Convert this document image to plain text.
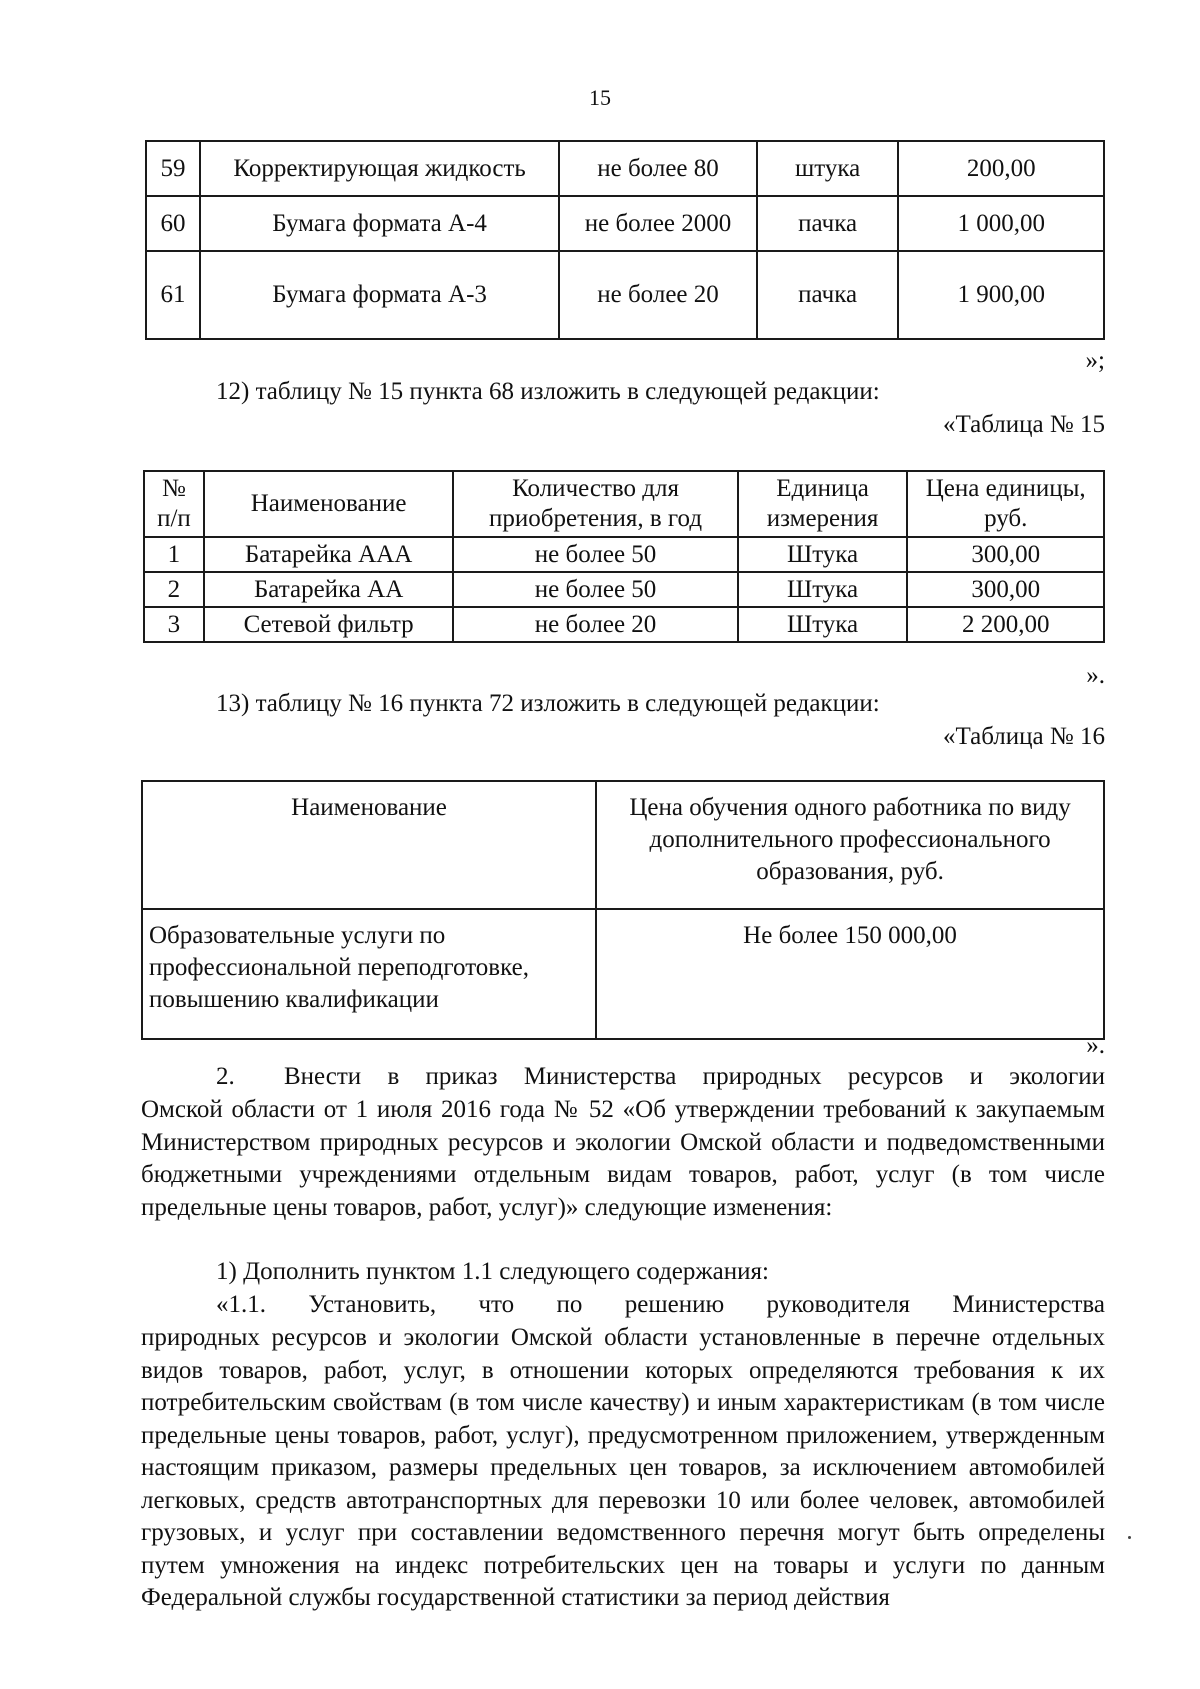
15
59	Корректирующая жидкость	не более 80	штука	200,00
60	Бумага формата А-4	не более 2000	пачка	1 000,00
61	Бумага формата А-3	не более 20	пачка	1 900,00
»;
12) таблицу № 15 пункта 68 изложить в следующей редакции:
«Таблица № 15
№ п/п	Наименование	Количество для приобретения, в год	Единица измерения	Цена единицы, руб.
1	Батарейка ААА	не более 50	Штука	300,00
2	Батарейка АА	не более 50	Штука	300,00
3	Сетевой фильтр	не более 20	Штука	2 200,00
».
13) таблицу № 16 пункта 72 изложить в следующей редакции:
«Таблица № 16
Наименование	Цена обучения одного работника по виду дополнительного профессионального образования, руб.
Образовательные услуги по профессиональной переподготовке, повышению квалификации	Не более 150 000,00
».
2. Внести в приказ Министерства природных ресурсов и экологии
Омской области от 1 июля 2016 года № 52 «Об утверждении требований к закупаемым Министерством природных ресурсов и экологии Омской области и подведомственными бюджетными учреждениями отдельным видам товаров, работ, услуг (в том числе предельные цены товаров, работ, услуг)» следующие изменения:
1) Дополнить пунктом 1.1 следующего содержания:
«1.1. Установить, что по решению руководителя Министерства
природных ресурсов и экологии Омской области установленные в перечне отдельных видов товаров, работ, услуг, в отношении которых определяются требования к их потребительским свойствам (в том числе качеству) и иным характеристикам (в том числе предельные цены товаров, работ, услуг), предусмотренном приложением, утвержденным настоящим приказом, размеры предельных цен товаров, за исключением автомобилей легковых, средств автотранспортных для перевозки 10 или более человек, автомобилей грузовых, и услуг при составлении ведомственного перечня могут быть определены путем умножения на индекс потребительских цен на товары и услуги по данным Федеральной службы государственной статистики за период действия
